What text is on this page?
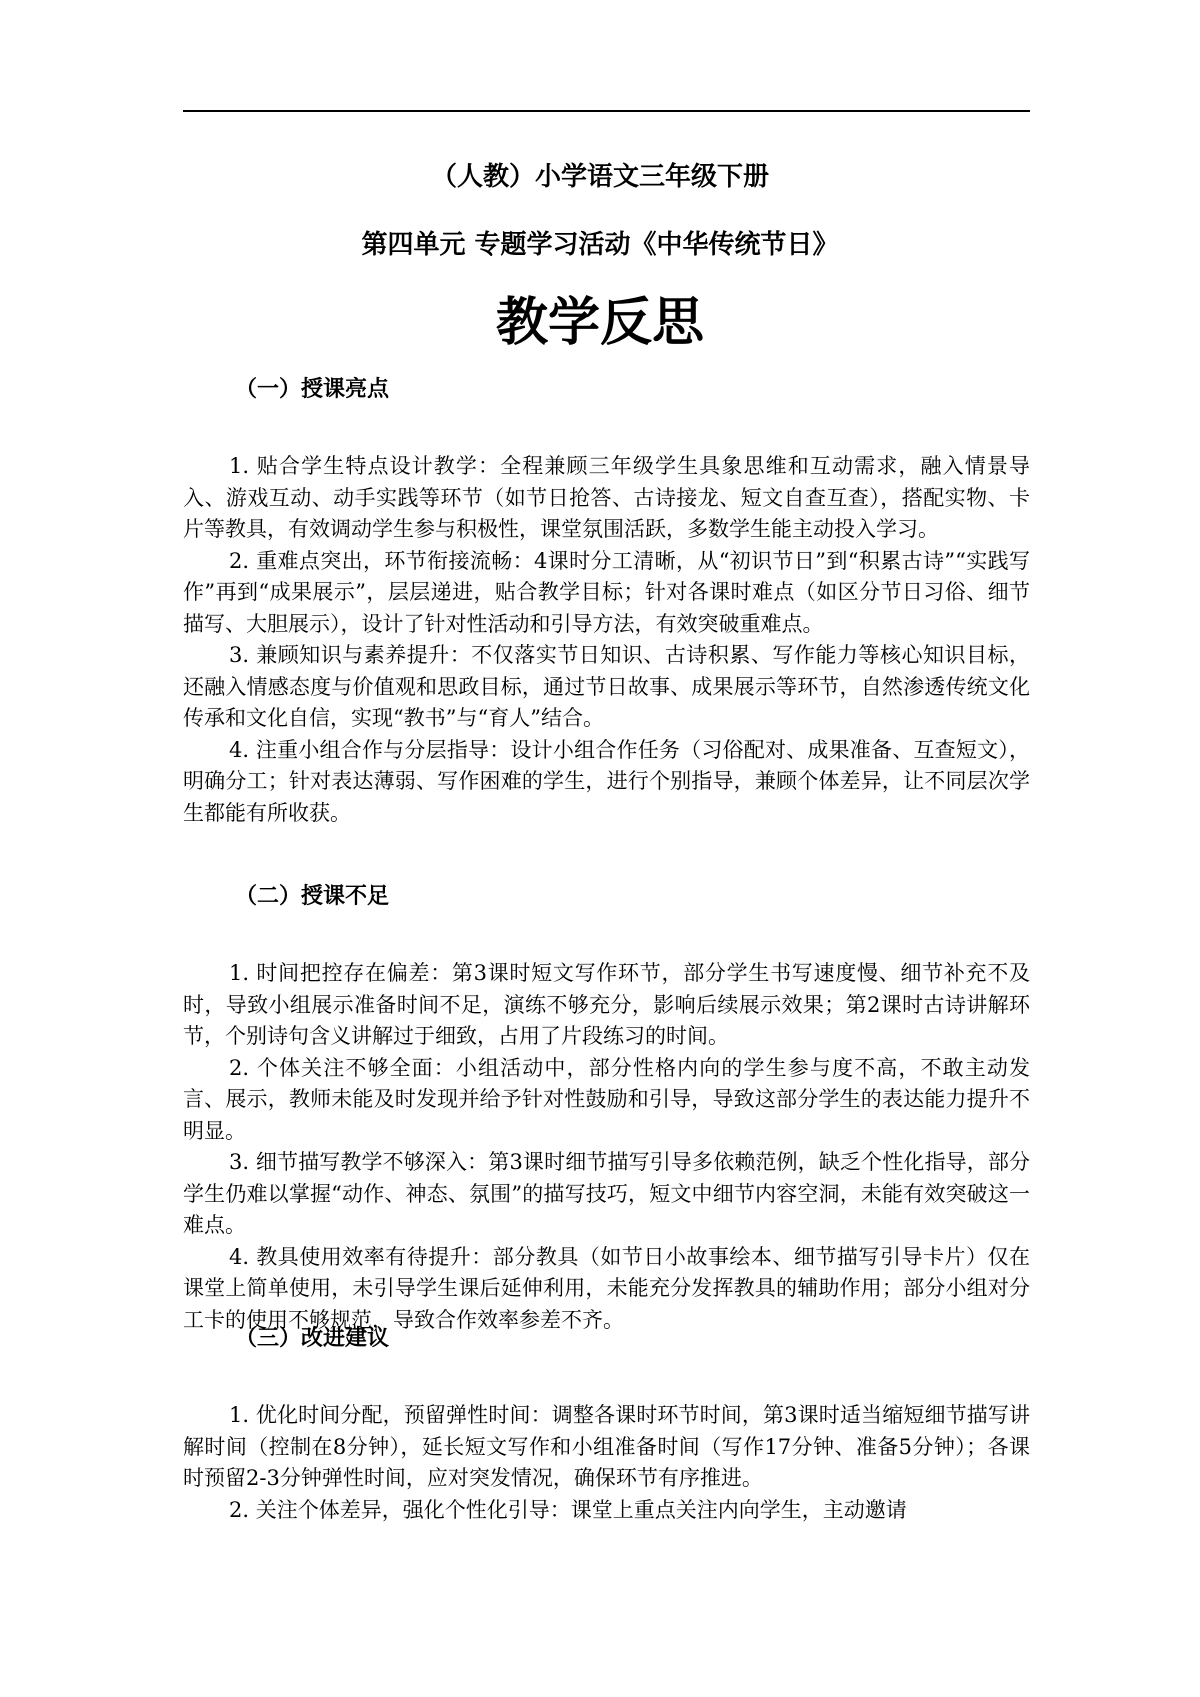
（人教）小学语文三年级下册
第四单元 专题学习活动《中华传统节日》
教学反思
（一）授课亮点

1. 贴合学生特点设计教学：全程兼顾三年级学生具象思维和互动需求，融入情景导入、游戏互动、动手实践等环节（如节日抢答、古诗接龙、短文自查互查），搭配实物、卡片等教具，有效调动学生参与积极性，课堂氛围活跃，多数学生能主动投入学习。

2. 重难点突出，环节衔接流畅：4课时分工清晰，从“初识节日”到“积累古诗”“实践写作”再到“成果展示”，层层递进，贴合教学目标；针对各课时难点（如区分节日习俗、细节描写、大胆展示），设计了针对性活动和引导方法，有效突破重难点。

3. 兼顾知识与素养提升：不仅落实节日知识、古诗积累、写作能力等核心知识目标，还融入情感态度与价值观和思政目标，通过节日故事、成果展示等环节，自然渗透传统文化传承和文化自信，实现“教书”与“育人”结合。

4. 注重小组合作与分层指导：设计小组合作任务（习俗配对、成果准备、互查短文），明确分工；针对表达薄弱、写作困难的学生，进行个别指导，兼顾个体差异，让不同层次学生都能有所收获。

（二）授课不足

1. 时间把控存在偏差：第3课时短文写作环节，部分学生书写速度慢、细节补充不及时，导致小组展示准备时间不足，演练不够充分，影响后续展示效果；第2课时古诗讲解环节，个别诗句含义讲解过于细致，占用了片段练习的时间。

2. 个体关注不够全面：小组活动中，部分性格内向的学生参与度不高，不敢主动发言、展示，教师未能及时发现并给予针对性鼓励和引导，导致这部分学生的表达能力提升不明显。

3. 细节描写教学不够深入：第3课时细节描写引导多依赖范例，缺乏个性化指导，部分学生仍难以掌握“动作、神态、氛围”的描写技巧，短文中细节内容空洞，未能有效突破这一难点。

4. 教具使用效率有待提升：部分教具（如节日小故事绘本、细节描写引导卡片）仅在课堂上简单使用，未引导学生课后延伸利用，未能充分发挥教具的辅助作用；部分小组对分工卡的使用不够规范，导致合作效率参差不齐。

（三）改进建议

1. 优化时间分配，预留弹性时间：调整各课时环节时间，第3课时适当缩短细节描写讲解时间（控制在8分钟），延长短文写作和小组准备时间（写作17分钟、准备5分钟）；各课时预留2-3分钟弹性时间，应对突发情况，确保环节有序推进。

2. 关注个体差异，强化个性化引导：课堂上重点关注内向学生，主动邀请
